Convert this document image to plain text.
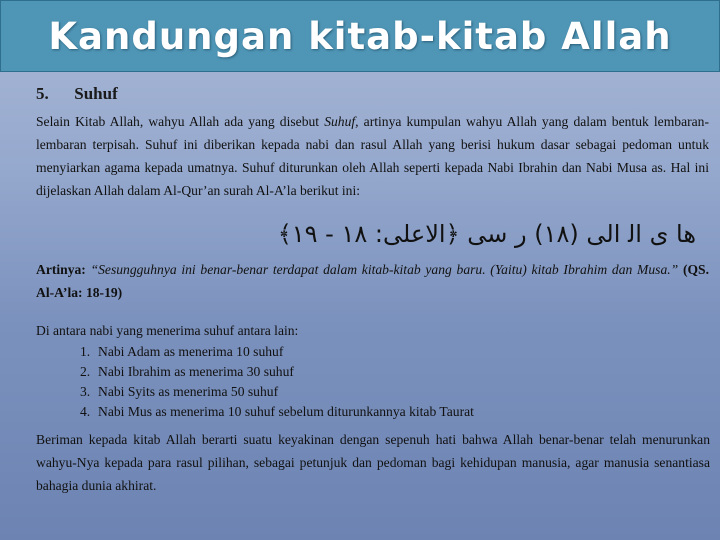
Kandungan kitab-kitab Allah
5. Suhuf
Selain Kitab Allah, wahyu Allah ada yang disebut Suhuf, artinya kumpulan wahyu Allah yang dalam bentuk lembaran-lembaran terpisah. Suhuf ini diberikan kepada nabi dan rasul Allah yang berisi hukum dasar sebagai pedoman untuk menyiarkan agama kepada umatnya. Suhuf diturunkan oleh Allah seperti kepada Nabi Ibrahin dan Nabi Musa as. Hal ini dijelaskan Allah dalam Al-Qur’an surah Al-A’la berikut ini:
ﻫﺎ ﻯ ﺍﻟ ﺍﻟﻰ (١٨) ﺭ ﺳﻰ ﴿ﺍﻻﻋﻠﻰ: ١٨ - ١٩﴾
Artinya: “Sesungguhnya ini benar-benar terdapat dalam kitab-kitab yang baru. (Yaitu) kitab Ibrahim dan Musa.” (QS. Al-A’la: 18-19)
Di antara nabi yang menerima suhuf antara lain:
1. Nabi Adam as menerima 10 suhuf
2. Nabi Ibrahim as menerima 30 suhuf
3. Nabi Syits as menerima 50 suhuf
4. Nabi Mus as menerima 10 suhuf sebelum diturunkannya kitab Taurat
Beriman kepada kitab Allah berarti suatu keyakinan dengan sepenuh hati bahwa Allah benar-benar telah menurunkan wahyu-Nya kepada para rasul pilihan, sebagai petunjuk dan pedoman bagi kehidupan manusia, agar manusia senantiasa bahagia dunia akhirat.
